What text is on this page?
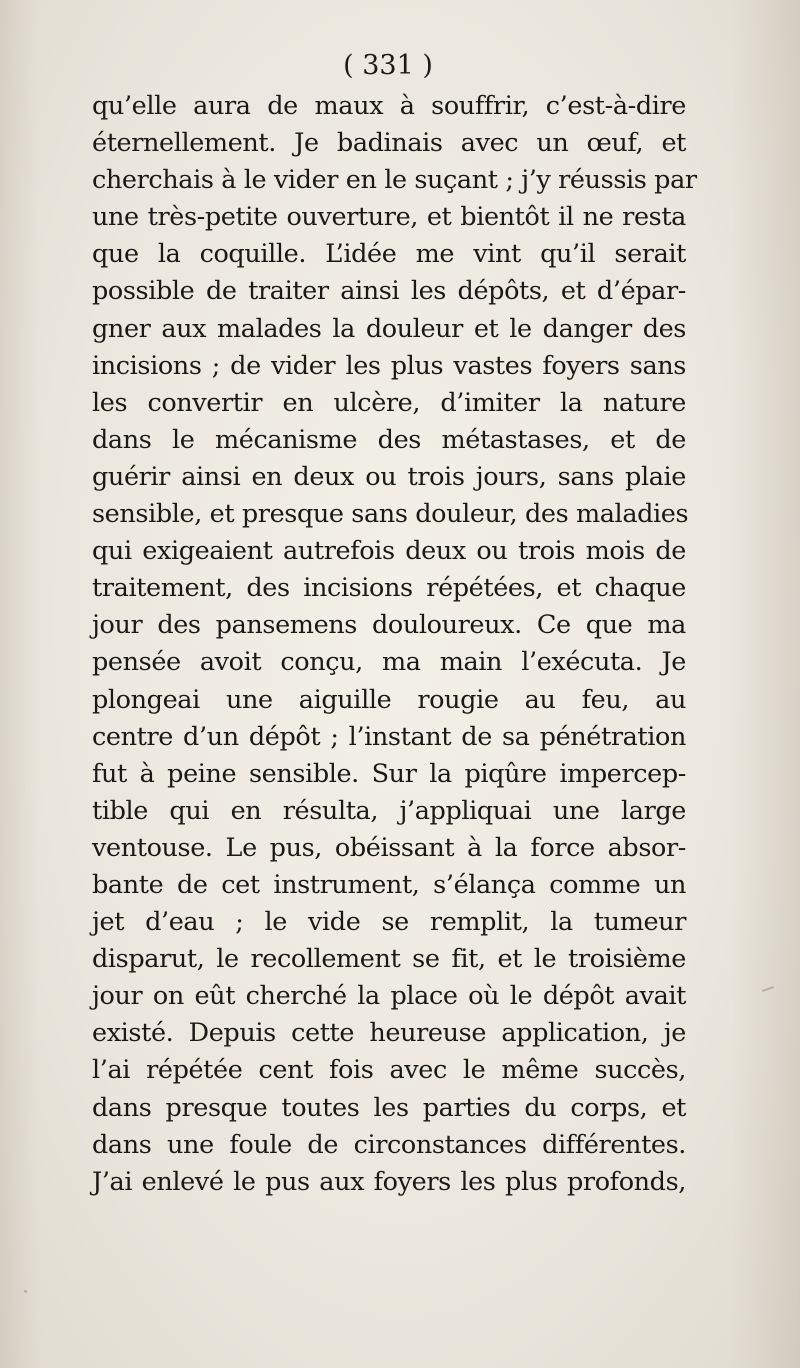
( 331 )
qu’elle aura de maux à souffrir, c’est-à-dire
éternellement. Je badinais avec un œuf, et
cherchais à le vider en le suçant ; j’y réussis par
une très-petite ouverture, et bientôt il ne resta
que la coquille. L’idée me vint qu’il serait
possible de traiter ainsi les dépôts, et d’épar-
gner aux malades la douleur et le danger des
incisions ; de vider les plus vastes foyers sans
les convertir en ulcère, d’imiter la nature
dans le mécanisme des métastases, et de
guérir ainsi en deux ou trois jours, sans plaie
sensible, et presque sans douleur, des maladies
qui exigeaient autrefois deux ou trois mois de
traitement, des incisions répétées, et chaque
jour des pansemens douloureux. Ce que ma
pensée avoit conçu, ma main l’exécuta. Je
plongeai une aiguille rougie au feu, au
centre d’un dépôt ; l’instant de sa pénétration
fut à peine sensible. Sur la piqûre impercep-
tible qui en résulta, j’appliquai une large
ventouse. Le pus, obéissant à la force absor-
bante de cet instrument, s’élança comme un
jet d’eau ; le vide se remplit, la tumeur
disparut, le recollement se fit, et le troisième
jour on eût cherché la place où le dépôt avait
existé. Depuis cette heureuse application, je
l’ai répétée cent fois avec le même succès,
dans presque toutes les parties du corps, et
dans une foule de circonstances différentes.
J’ai enlevé le pus aux foyers les plus profonds,
